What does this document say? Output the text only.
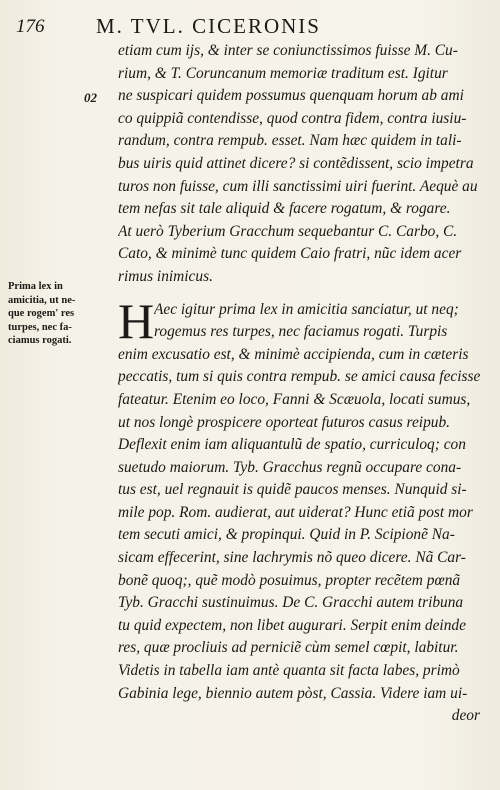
176 M. TVL. CICERONIS
02
Prima lex in
amicitia, ut ne-
que rogem' res
turpes, nec fa-
ciamus rogati.
etiam cum ijs, & inter se coniunctissimos fuisse M. Cu-
rium, & T. Coruncanum memoriæ traditum est. Igitur
ne suspicari quidem possumus quenquam horum ab ami
co quippiã contendisse, quod contra fidem, contra iusiu-
randum, contra rempub. esset. Nam hæc quidem in tali-
bus uiris quid attinet dicere? si contẽdissent, scio impetra
turos non fuisse, cum illi sanctissimi uiri fuerint. Aequè au
tem nefas sit tale aliquid & facere rogatum, & rogare.
At uerò Tyberium Gracchum sequebantur C. Carbo, C.
Cato, & minimè tunc quidem Caio fratri, nũc idem acer
rimus inimicus.
H Aec igitur prima lex in amicitia sanciatur, ut neq;
rogemus res turpes, nec faciamus rogati. Turpis
enim excusatio est, & minimè accipienda, cum in cæteris
peccatis, tum si quis contra rempub. se amici causa fecisse
fateatur. Etenim eo loco, Fanni & Scæuola, locati sumus,
ut nos longè prospicere oporteat futuros casus reipub.
Deflexit enim iam aliquantulũ de spatio, curriculoq; con
suetudo maiorum. Tyb. Gracchus regnũ occupare cona-
tus est, uel regnauit is quidẽ paucos menses. Nunquid si-
mile pop. Rom. audierat, aut uiderat? Hunc etiã post mor
tem secuti amici, & propinqui. Quid in P. Scipionẽ Na-
sicam effecerint, sine lachrymis nõ queo dicere. Nã Car-
bonẽ quoq;, quẽ modò posuimus, propter recẽtem pœnã
Tyb. Gracchi sustinuimus. De C. Gracchi autem tribuna
tu quid expectem, non libet augurari. Serpit enim deinde
res, quæ procliuis ad perniciẽ cùm semel cœpit, labitur.
Videtis in tabella iam antè quanta sit facta labes, primò
Gabinia lege, biennio autem pòst, Cassia. Videre iam ui-
deor
